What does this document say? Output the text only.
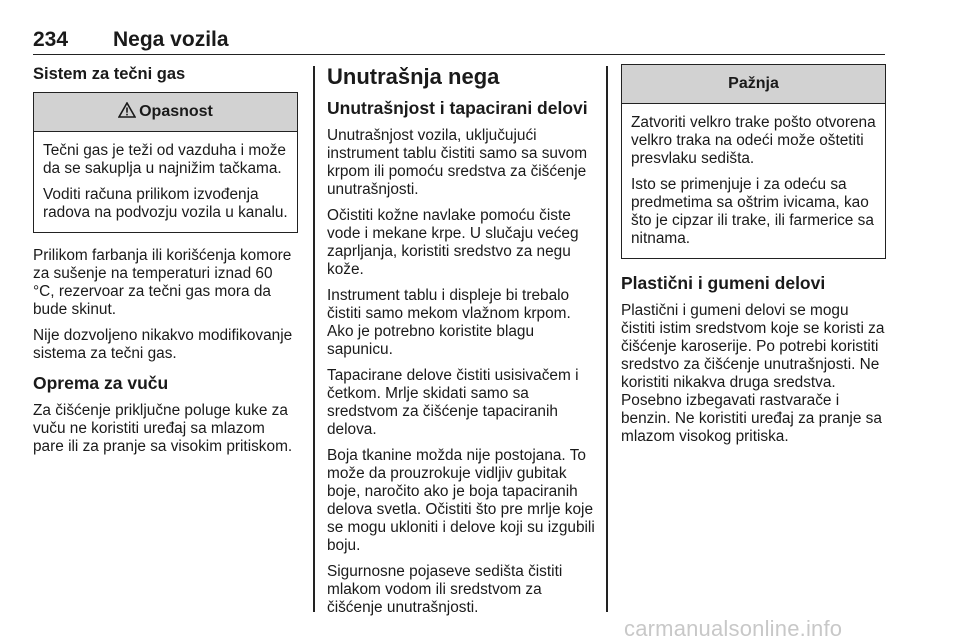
234 Nega vozila
Sistem za tečni gas
Opasnost

Tečni gas je teži od vazduha i može da se sakuplja u najnižim tačkama.

Voditi računa prilikom izvođenja radova na podvozju vozila u kanalu.

Prilikom farbanja ili korišćenja komore za sušenje na temperaturi iznad 60 °C, rezervoar za tečni gas mora da bude skinut.

Nije dozvoljeno nikakvo modifikovanje sistema za tečni gas.

Oprema za vuču

Za čišćenje priključne poluge kuke za vuču ne koristiti uređaj sa mlazom pare ili za pranje sa visokim pritiskom.

Unutrašnja nega
Unutrašnjost i tapacirani delovi

Unutrašnjost vozila, uključujući instrument tablu čistiti samo sa suvom krpom ili pomoću sredstva za čišćenje unutrašnjosti.

Očistiti kožne navlake pomoću čiste vode i mekane krpe. U slučaju većeg zaprljanja, koristiti sredstvo za negu kože.

Instrument tablu i displeje bi trebalo čistiti samo mekom vlažnom krpom. Ako je potrebno koristite blagu sapunicu.

Tapacirane delove čistiti usisivačem i četkom. Mrlje skidati samo sa sredstvom za čišćenje tapaciranih delova.

Boja tkanine možda nije postojana. To može da prouzrokuje vidljiv gubitak boje, naročito ako je boja tapaciranih delova svetla. Očistiti što pre mrlje koje se mogu ukloniti i delove koji su izgubili boju.

Sigurnosne pojaseve sedišta čistiti mlakom vodom ili sredstvom za čišćenje unutrašnjosti.

Pažnja

Zatvoriti velkro trake pošto otvorena velkro traka na odeći može oštetiti presvlaku sedišta.

Isto se primenjuje i za odeću sa predmetima sa oštrim ivicama, kao što je cipzar ili trake, ili farmerice sa nitnama.

Plastični i gumeni delovi

Plastični i gumeni delovi se mogu čistiti istim sredstvom koje se koristi za čišćenje karoserije. Po potrebi koristiti sredstvo za čišćenje unutrašnjosti. Ne koristiti nikakva druga sredstva. Posebno izbegavati rastvarače i benzin. Ne koristiti uređaj za pranje sa mlazom visokog pritiska.

carmanualsonline.info
